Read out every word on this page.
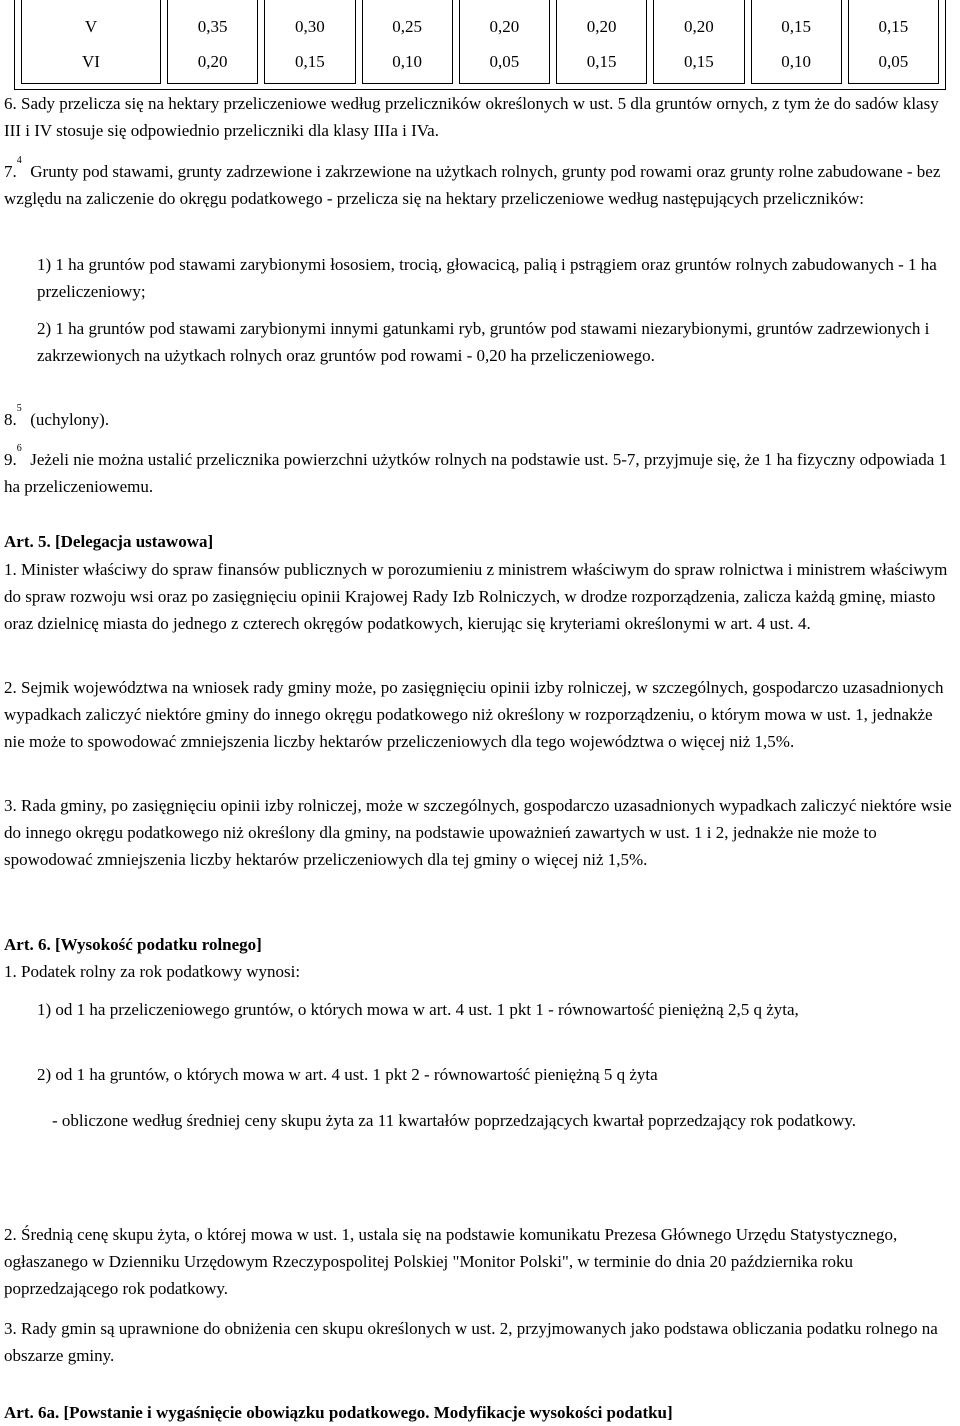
V
VI
0,35
0,20
0,30
0,15
0,25
0,10
0,20
0,05
0,20
0,15
0,20
0,15
0,15
0,10
0,15
0,05

6. Sady przelicza się na hektary przeliczeniowe według przeliczników określonych w ust. 5 dla gruntów ornych, z tym że do sadów klasy III i IV stosuje się odpowiednio przeliczniki dla klasy IIIa i IVa.

7.$^4$  Grunty pod stawami, grunty zadrzewione i zakrzewione na użytkach rolnych, grunty pod rowami oraz grunty rolne zabudowane - bez względu na zaliczenie do okręgu podatkowego - przelicza się na hektary przeliczeniowe według następujących przeliczników:

1) 1 ha gruntów pod stawami zarybionymi łososiem, trocią, głowacicą, palią i pstrągiem oraz gruntów rolnych zabudowanych - 1 ha przeliczeniowy;

2) 1 ha gruntów pod stawami zarybionymi innymi gatunkami ryb, gruntów pod stawami niezarybionymi, gruntów zadrzewionych i zakrzewionych na użytkach rolnych oraz gruntów pod rowami - 0,20 ha przeliczeniowego.

8.$^5$  (uchylony).

9.$^6$  Jeżeli nie można ustalić przelicznika powierzchni użytków rolnych na podstawie ust. 5-7, przyjmuje się, że 1 ha fizyczny odpowiada 1 ha przeliczeniowemu.

Art. 5. [Delegacja ustawowa]

1. Minister właściwy do spraw finansów publicznych w porozumieniu z ministrem właściwym do spraw rolnictwa i ministrem właściwym do spraw rozwoju wsi oraz po zasięgnięciu opinii Krajowej Rady Izb Rolniczych, w drodze rozporządzenia, zalicza każdą gminę, miasto oraz dzielnicę miasta do jednego z czterech okręgów podatkowych, kierując się kryteriami określonymi w art. 4 ust. 4.

2. Sejmik województwa na wniosek rady gminy może, po zasięgnięciu opinii izby rolniczej, w szczególnych, gospodarczo uzasadnionych wypadkach zaliczyć niektóre gminy do innego okręgu podatkowego niż określony w rozporządzeniu, o którym mowa w ust. 1, jednakże nie może to spowodować zmniejszenia liczby hektarów przeliczeniowych dla tego województwa o więcej niż 1,5%.

3. Rada gminy, po zasięgnięciu opinii izby rolniczej, może w szczególnych, gospodarczo uzasadnionych wypadkach zaliczyć niektóre wsie do innego okręgu podatkowego niż określony dla gminy, na podstawie upoważnień zawartych w ust. 1 i 2, jednakże nie może to spowodować zmniejszenia liczby hektarów przeliczeniowych dla tej gminy o więcej niż 1,5%.

Art. 6. [Wysokość podatku rolnego]

1. Podatek rolny za rok podatkowy wynosi:

1) od 1 ha przeliczeniowego gruntów, o których mowa w art. 4 ust. 1 pkt 1 - równowartość pieniężną 2,5 q żyta,

2) od 1 ha gruntów, o których mowa w art. 4 ust. 1 pkt 2 - równowartość pieniężną 5 q żyta

- obliczone według średniej ceny skupu żyta za 11 kwartałów poprzedzających kwartał poprzedzający rok podatkowy.

2. Średnią cenę skupu żyta, o której mowa w ust. 1, ustala się na podstawie komunikatu Prezesa Głównego Urzędu Statystycznego, ogłaszanego w Dzienniku Urzędowym Rzeczypospolitej Polskiej "Monitor Polski", w terminie do dnia 20 października roku poprzedzającego rok podatkowy.

3. Rady gmin są uprawnione do obniżenia cen skupu określonych w ust. 2, przyjmowanych jako podstawa obliczania podatku rolnego na obszarze gminy.

Art. 6a. [Powstanie i wygaśnięcie obowiązku podatkowego. Modyfikacje wysokości podatku]
